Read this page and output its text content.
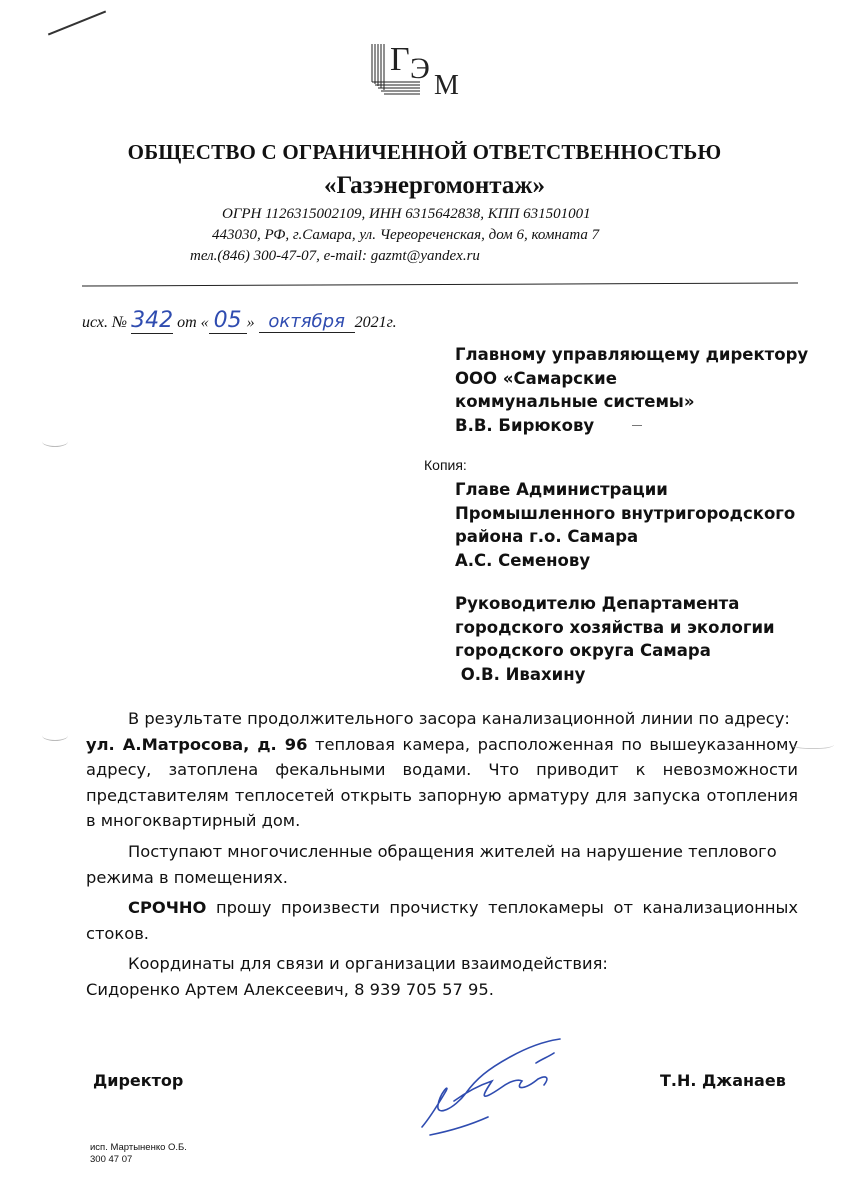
Г Э
М
ОБЩЕСТВО С ОГРАНИЧЕННОЙ ОТВЕТСТВЕННОСТЬЮ
«Газэнергомонтаж»
ОГРН 1126315002109, ИНН 6315642838, КПП 631501001
443030, РФ, г.Самара, ул. Череореченская, дом 6, комната 7
тел.(846) 300-47-07, e-mail: gazmt@yandex.ru
исх. № 342 от « 05 » октября 2021г.
Главному управляющему директору
ООО «Самарские
коммунальные системы»
В.В. Бирюкову
Копия:
Главе Администрации
Промышленного внутригородского
района г.о. Самара
А.С. Семенову
Руководителю Департамента
городского хозяйства и экологии
городского округа Самара
О.В. Ивахину

В результате продолжительного засора канализационной линии по адресу:

ул. А.Матросова, д. 96 тепловая камера, расположенная по вышеуказанному адресу, затоплена фекальными водами. Что приводит к невозможности представителям теплосетей открыть запорную арматуру для запуска отопления в многоквартирный дом.

Поступают многочисленные обращения жителей на нарушение теплового режима в помещениях.

СРОЧНО прошу произвести прочистку теплокамеры от канализационных стоков.

Координаты для связи и организации взаимодействия:

Сидоренко Артем Алексеевич, 8 939 705 57 95.

Директор	Т.Н. Джанаев
исп. Мартыненко О.Б.
300 47 07
